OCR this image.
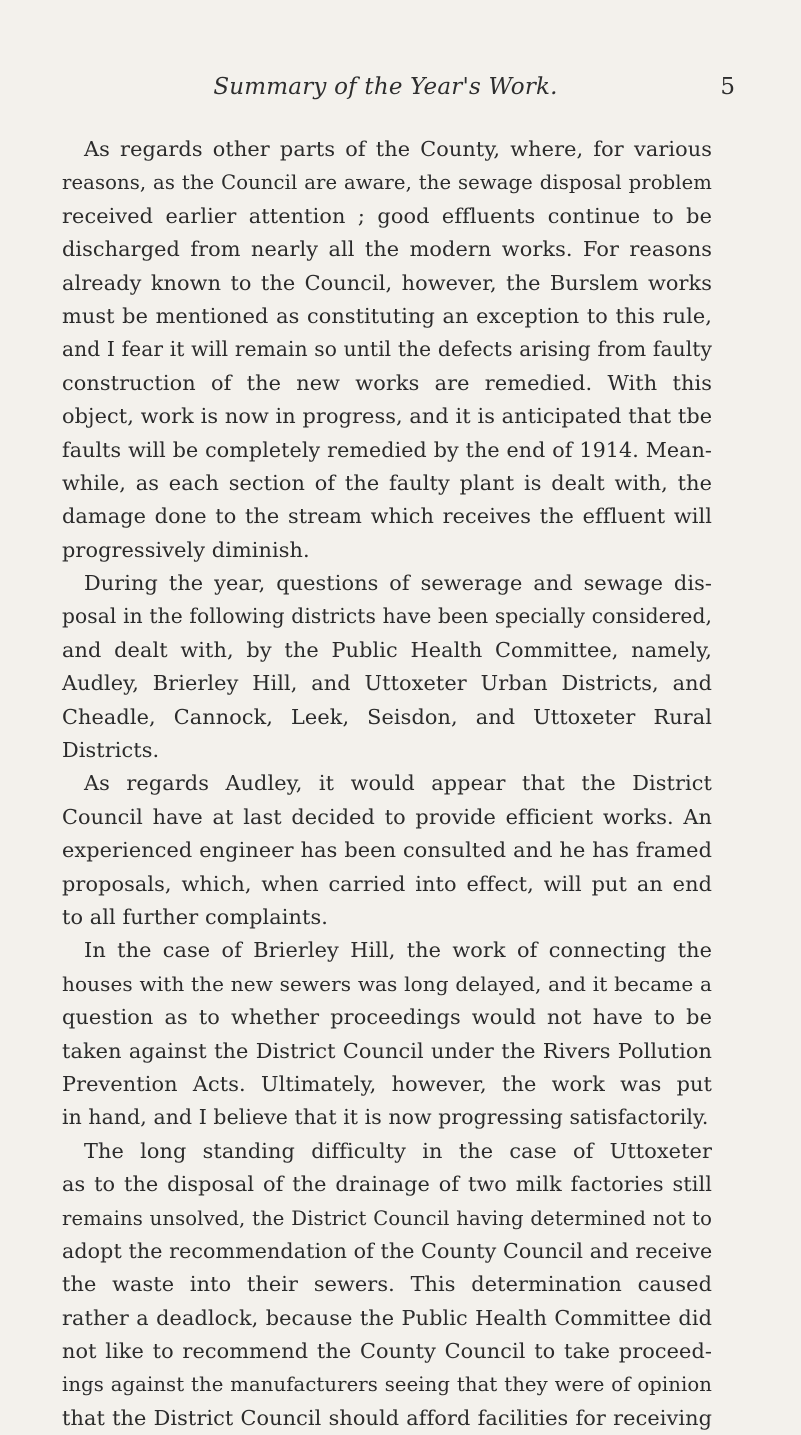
Summary of the Year's Work.	5
As regards other parts of the County, where, for various
reasons, as the Council are aware, the sewage disposal problem
received earlier attention ; good effluents continue to be
discharged from nearly all the modern works. For reasons
already known to the Council, however, the Burslem works
must be mentioned as constituting an exception to this rule,
and I fear it will remain so until the defects arising from faulty
construction of the new works are remedied. With this
object, work is now in progress, and it is anticipated that tbe
faults will be completely remedied by the end of 1914. Mean-
while, as each section of the faulty plant is dealt with, the
damage done to the stream which receives the effluent will
progressively diminish.
During the year, questions of sewerage and sewage dis-
posal in the following districts have been specially considered,
and dealt with, by the Public Health Committee, namely,
Audley, Brierley Hill, and Uttoxeter Urban Districts, and
Cheadle, Cannock, Leek, Seisdon, and Uttoxeter Rural
Districts.
As regards Audley, it would appear that the District
Council have at last decided to provide efficient works. An
experienced engineer has been consulted and he has framed
proposals, which, when carried into effect, will put an end
to all further complaints.
In the case of Brierley Hill, the work of connecting the
houses with the new sewers was long delayed, and it became a
question as to whether proceedings would not have to be
taken against the District Council under the Rivers Pollution
Prevention Acts. Ultimately, however, the work was put
in hand, and I believe that it is now progressing satisfactorily.
The long standing difficulty in the case of Uttoxeter
as to the disposal of the drainage of two milk factories still
remains unsolved, the District Council having determined not to
adopt the recommendation of the County Council and receive
the waste into their sewers. This determination caused
rather a deadlock, because the Public Health Committee did
not like to recommend the County Council to take proceed-
ings against the manufacturers seeing that they were of opinion
that the District Council should afford facilities for receiving
